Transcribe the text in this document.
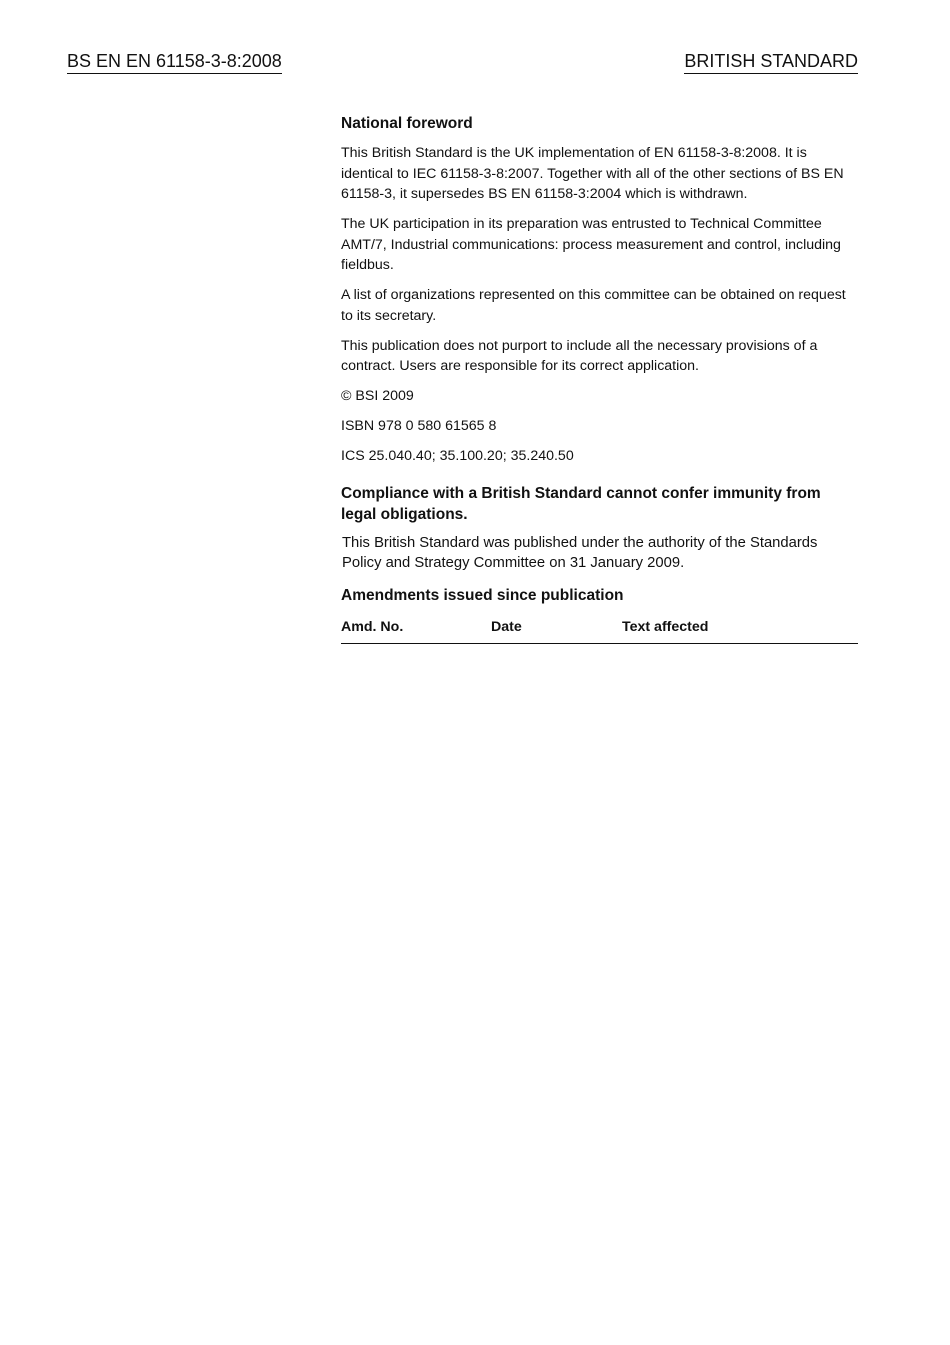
BS EN EN 61158-3-8:2008	BRITISH STANDARD
National foreword
This British Standard is the UK implementation of EN 61158-3-8:2008. It is identical to IEC 61158-3-8:2007. Together with all of the other sections of BS EN 61158-3, it supersedes BS EN 61158-3:2004 which is withdrawn.
The UK participation in its preparation was entrusted to Technical Committee AMT/7, Industrial communications: process measurement and control, including fieldbus.
A list of organizations represented on this committee can be obtained on request to its secretary.
This publication does not purport to include all the necessary provisions of a contract. Users are responsible for its correct application.
© BSI 2009
ISBN 978 0 580 61565 8
ICS 25.040.40; 35.100.20; 35.240.50
Compliance with a British Standard cannot confer immunity from legal obligations.
This British Standard was published under the authority of the Standards Policy and Strategy Committee on 31 January 2009.
Amendments issued since publication
Amd. No.	Date	Text affected
